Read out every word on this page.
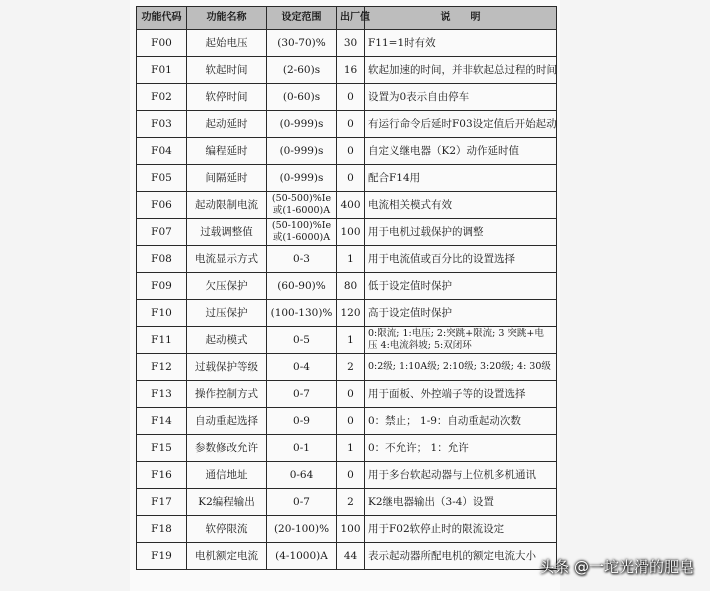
功能代码	功能名称	设定范围	出厂值	说　　明
F00	起始电压	(30-70)%	30	F11=1时有效
F01	软起时间	(2-60)s	16	软起加速的时间，并非软起总过程的时间
F02	软停时间	(0-60)s	0	设置为0表示自由停车
F03	起动延时	(0-999)s	0	有运行命令后延时F03设定值后开始起动
F04	编程延时	(0-999)s	0	自定义继电器（K2）动作延时值
F05	间隔延时	(0-999)s	0	配合F14用
F06	起动限制电流	(50-500)%Ie 或(1-6000)A	400	电流相关模式有效
F07	过载调整值	(50-100)%Ie 或(1-6000)A	100	用于电机过载保护的调整
F08	电流显示方式	0-3	1	用于电流值或百分比的设置选择
F09	欠压保护	(60-90)%	80	低于设定值时保护
F10	过压保护	(100-130)%	120	高于设定值时保护
F11	起动模式	0-5	1	0:限流; 1:电压; 2:突跳+限流; 3 突跳+电压 4:电流斜坡; 5:双闭环
F12	过载保护等级	0-4	2	0:2级; 1:10A级; 2:10级; 3:20级; 4: 30级
F13	操作控制方式	0-7	0	用于面板、外控端子等的设置选择
F14	自动重起选择	0-9	0	0：禁止； 1-9：自动重起动次数
F15	参数修改允许	0-1	1	0：不允许； 1：允许
F16	通信地址	0-64	0	用于多台软起动器与上位机多机通讯
F17	K2编程输出	0-7	2	K2继电器输出（3-4）设置
F18	软停限流	(20-100)%	100	用于F02软停止时的限流设定
F19	电机额定电流	(4-1000)A	44	表示起动器所配电机的额定电流大小
头条 @一坨光滑的肥皂
